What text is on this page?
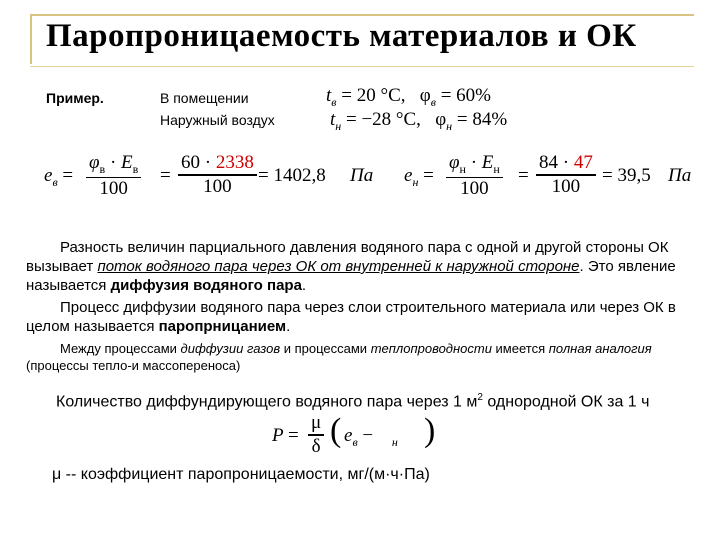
Паропроницаемость материалов и ОК
Пример.	В помещении
Наружный воздух
$t_в = 20$ °C, $\varphi_в = 60\%$
$t_н = -28$ °C, $\varphi_н = 84\%$
$e_в$ =
$\varphi_в \cdot E_в$
100
=
60 · 2338
100 = 1402,8 Па $e_н$ =
$\varphi_н \cdot E_н$
100
=
84 · 47
100 = 39,5 Па
Разность величин парциального давления водяного пара с одной и другой стороны ОК вызывает поток водяного пара через ОК от внутренней к наружной стороне. Это явление называется диффузия водяного пара.
Процесс диффузии водяного пара через слои строительного материала или через ОК в целом называется паропрницанием.
Между процессами диффузии газов и процессами теплопроводности имеется полная аналогия (процессы тепло-и массопереноса)
Количество диффундирующего водяного пара через 1 $м^2$ однородной ОК за 1 ч
P =
μ
δ ( $e_в - _н$ )
μ -- коэффициент паропроницаемости, мг/(м·ч·Па)
